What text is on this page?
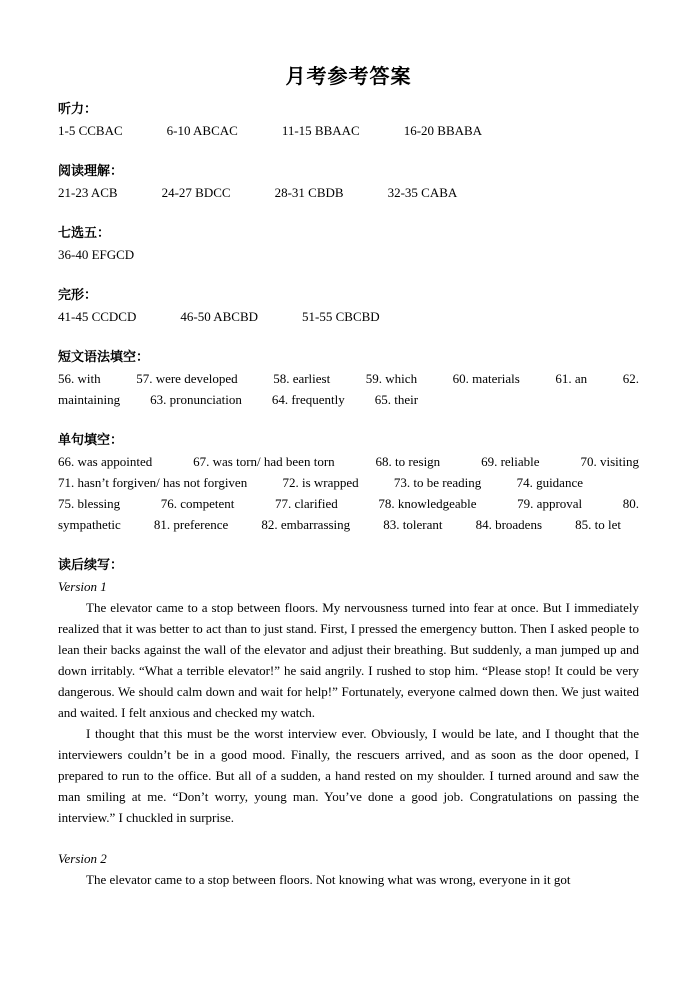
月考参考答案
听力：
1-5 CCBAC	6-10 ABCAC	11-15 BBAAC	16-20 BBABA
阅读理解：
21-23 ACB	24-27 BDCC	28-31 CBDB	32-35 CABA
七选五：
36-40 EFGCD
完形：
41-45 CCDCD	46-50 ABCBD	51-55 CBCBD
短文语法填空：
56. with	57. were developed	58. earliest	59. which	60. materials	61. an	62.
maintaining 63. pronunciation 64. frequently 65. their
单句填空：
66. was appointed	67. was torn/ had been torn	68. to resign	69. reliable	70. visiting
71. hasn’t forgiven/ has not forgiven	72. is wrapped	73. to be reading	74. guidance
75. blessing	76. competent	77. clarified	78. knowledgeable	79. approval	80.
sympathetic	81. preference	82. embarrassing	83. tolerant	84. broadens	85. to let
读后续写：
Version 1

The elevator came to a stop between floors. My nervousness turned into fear at once. But I immediately realized that it was better to act than to just stand. First, I pressed the emergency button. Then I asked people to lean their backs against the wall of the elevator and adjust their breathing. But suddenly, a man jumped up and down irritably. “What a terrible elevator!” he said angrily. I rushed to stop him. “Please stop! It could be very dangerous. We should calm down and wait for help!” Fortunately, everyone calmed down then. We just waited and waited. I felt anxious and checked my watch.

I thought that this must be the worst interview ever. Obviously, I would be late, and I thought that the interviewers couldn’t be in a good mood. Finally, the rescuers arrived, and as soon as the door opened, I prepared to run to the office. But all of a sudden, a hand rested on my shoulder. I turned around and saw the man smiling at me. “Don’t worry, young man. You’ve done a good job. Congratulations on passing the interview.” I chuckled in surprise.

Version 2

The elevator came to a stop between floors. Not knowing what was wrong, everyone in it got
